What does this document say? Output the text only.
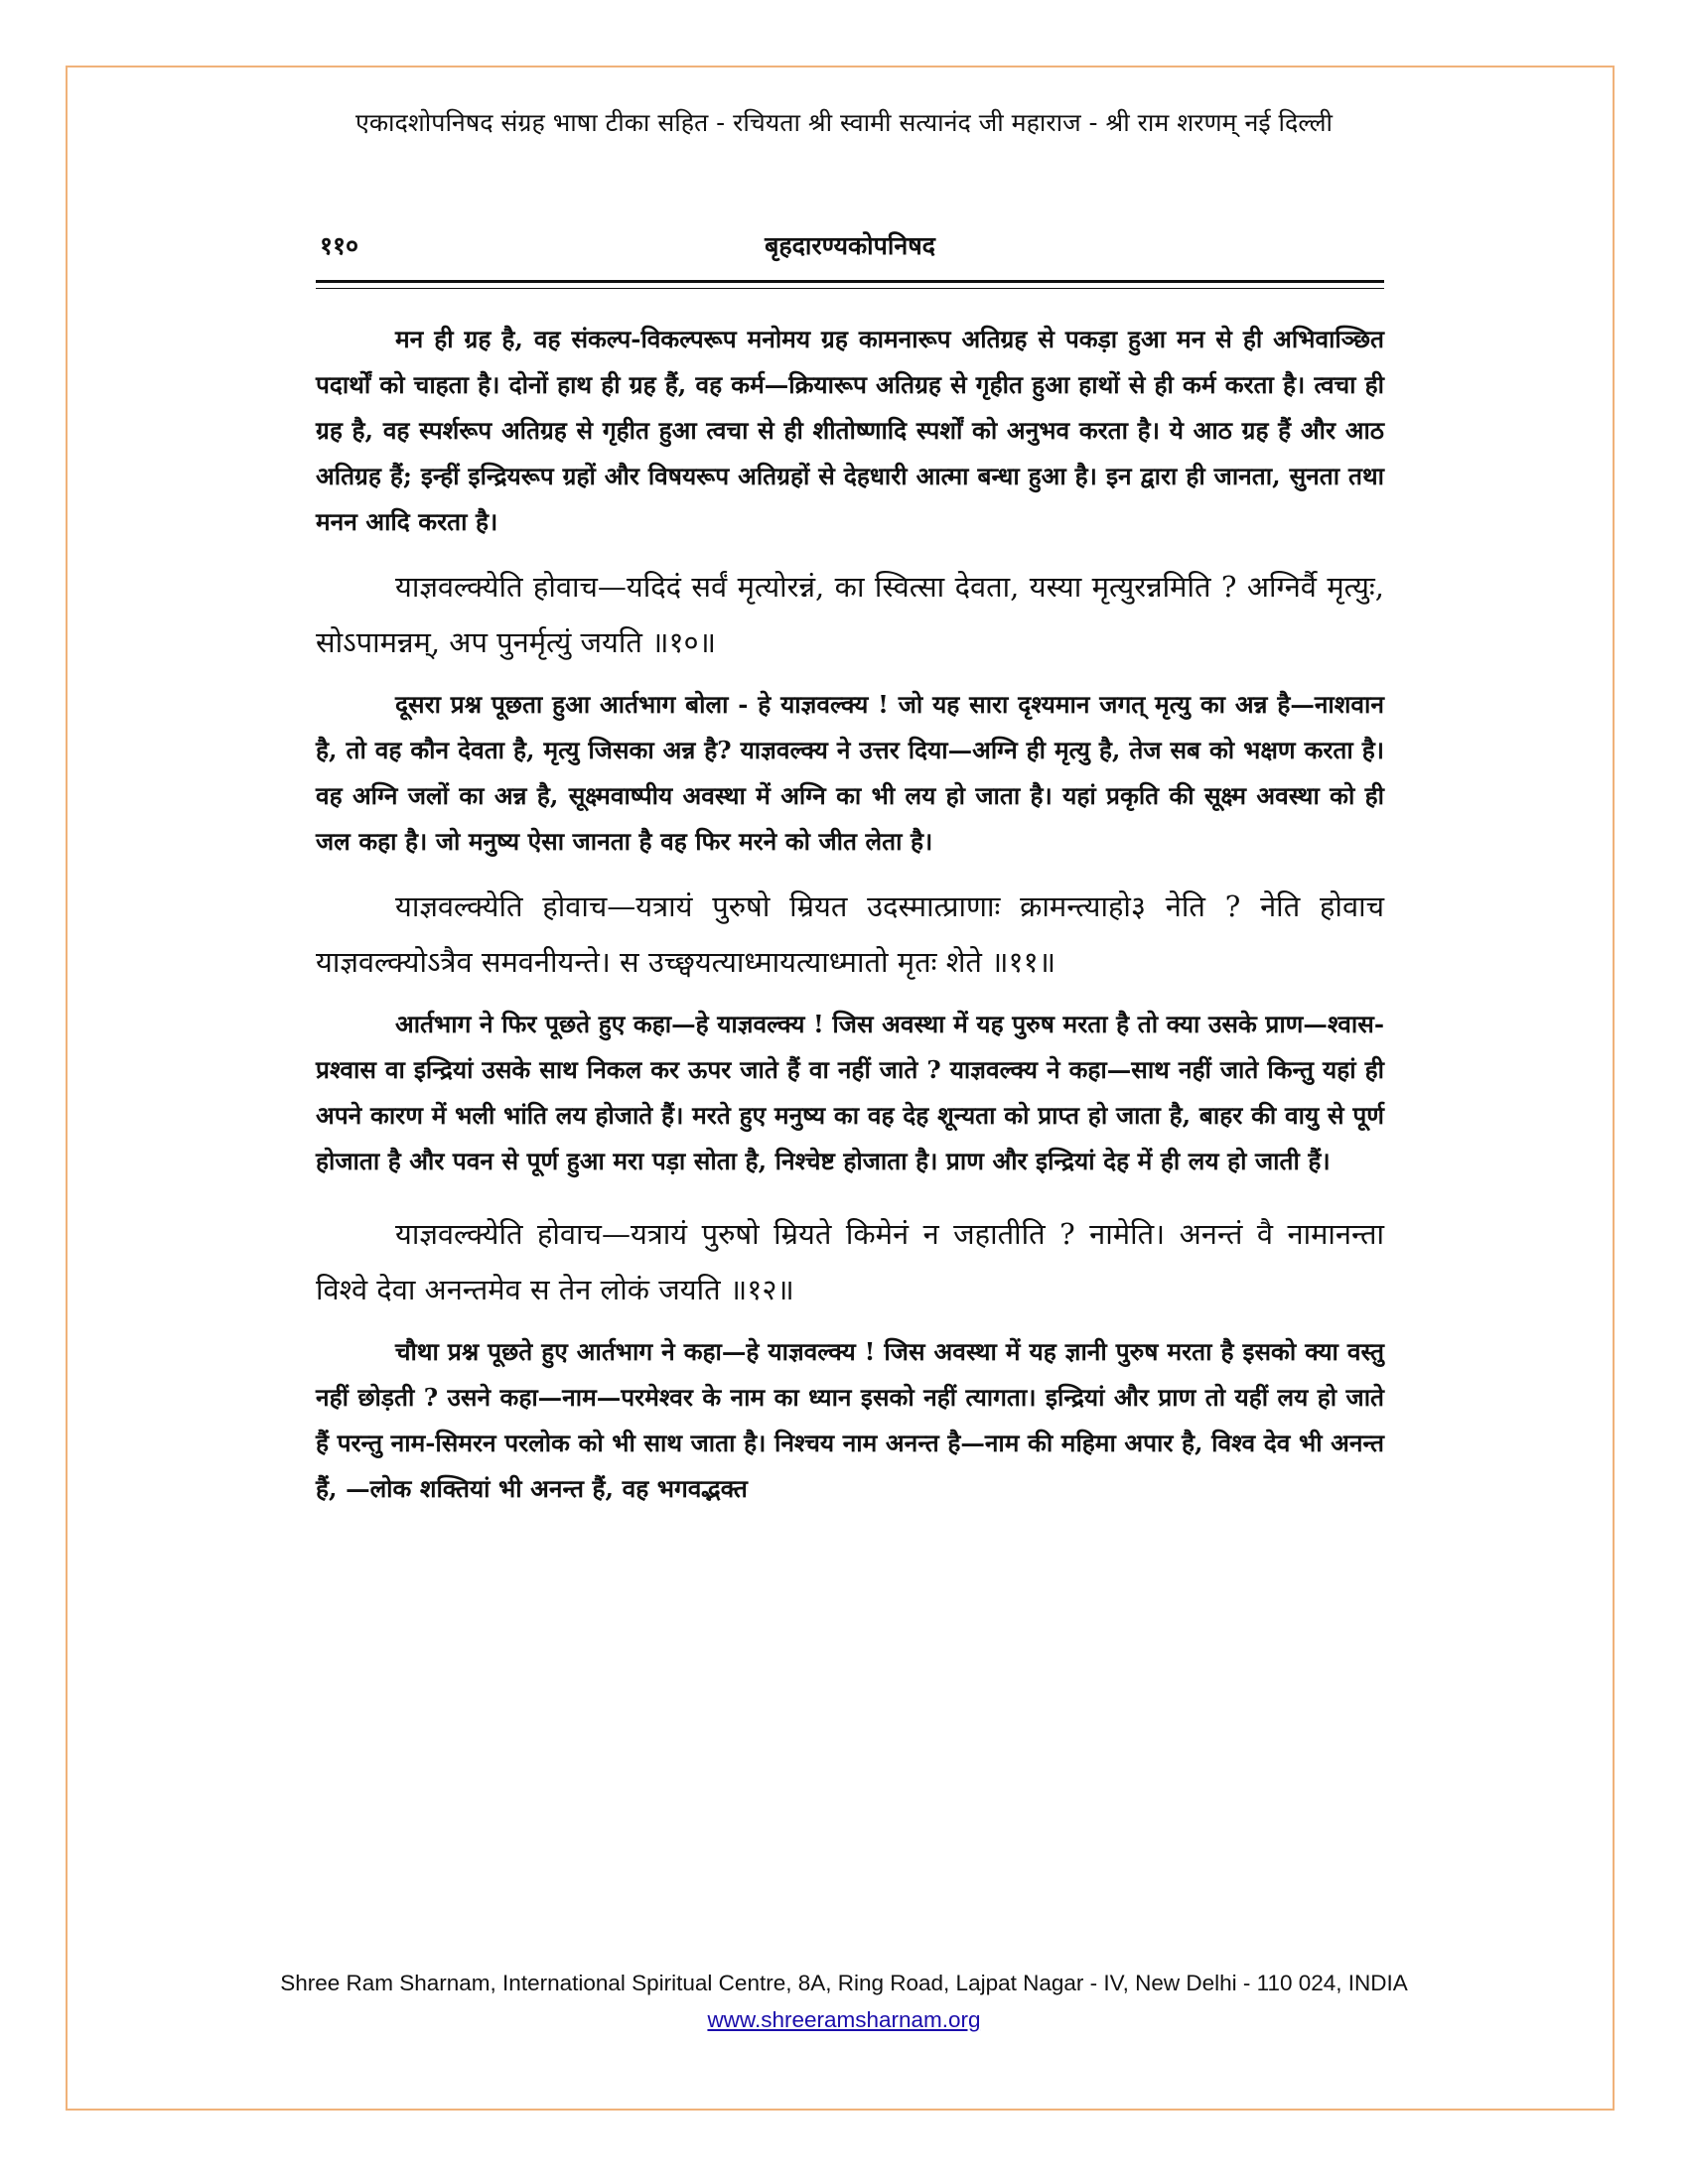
एकादशोपनिषद संग्रह भाषा टीका सहित - रचियता श्री स्वामी सत्यानंद जी महाराज - श्री राम शरणम् नई दिल्ली
११०	बृहदारण्यकोपनिषद

मन ही ग्रह है, वह संकल्प-विकल्परूप मनोमय ग्रह कामनारूप अतिग्रह से पकड़ा हुआ मन से ही अभिवाञ्छित पदार्थों को चाहता है। दोनों हाथ ही ग्रह हैं, वह कर्म—क्रियारूप अतिग्रह से गृहीत हुआ हाथों से ही कर्म करता है। त्वचा ही ग्रह है, वह स्पर्शरूप अतिग्रह से गृहीत हुआ त्वचा से ही शीतोष्णादि स्पर्शों को अनुभव करता है। ये आठ ग्रह हैं और आठ अतिग्रह हैं; इन्हीं इन्द्रियरूप ग्रहों और विषयरूप अतिग्रहों से देहधारी आत्मा बन्धा हुआ है। इन द्वारा ही जानता, सुनता तथा मनन आदि करता है।

याज्ञवल्क्येति होवाच—यदिदं सर्वं मृत्योरन्नं, का स्वित्सा देवता, यस्या मृत्युरन्नमिति ? अग्निर्वै मृत्युः, सोऽपामन्नम्, अप पुनर्मृत्युं जयति ॥१०॥

दूसरा प्रश्न पूछता हुआ आर्तभाग बोला - हे याज्ञवल्क्य ! जो यह सारा दृश्यमान जगत् मृत्यु का अन्न है—नाशवान है, तो वह कौन देवता है, मृत्यु जिसका अन्न है? याज्ञवल्क्य ने उत्तर दिया—अग्नि ही मृत्यु है, तेज सब को भक्षण करता है। वह अग्नि जलों का अन्न है, सूक्ष्मवाष्पीय अवस्था में अग्नि का भी लय हो जाता है। यहां प्रकृति की सूक्ष्म अवस्था को ही जल कहा है। जो मनुष्य ऐसा जानता है वह फिर मरने को जीत लेता है।

याज्ञवल्क्येति होवाच—यत्रायं पुरुषो म्रियत उदस्मात्प्राणाः क्रामन्त्याहो३ नेति ? नेति होवाच याज्ञवल्क्योऽत्रैव समवनीयन्ते। स उच्छ्वयत्याध्मायत्याध्मातो मृतः शेते ॥११॥

आर्तभाग ने फिर पूछते हुए कहा—हे याज्ञवल्क्य ! जिस अवस्था में यह पुरुष मरता है तो क्या उसके प्राण—श्वास-प्रश्वास वा इन्द्रियां उसके साथ निकल कर ऊपर जाते हैं वा नहीं जाते ? याज्ञवल्क्य ने कहा—साथ नहीं जाते किन्तु यहां ही अपने कारण में भली भांति लय होजाते हैं। मरते हुए मनुष्य का वह देह शून्यता को प्राप्त हो जाता है, बाहर की वायु से पूर्ण होजाता है और पवन से पूर्ण हुआ मरा पड़ा सोता है, निश्चेष्ट होजाता है। प्राण और इन्द्रियां देह में ही लय हो जाती हैं।

याज्ञवल्क्येति होवाच—यत्रायं पुरुषो म्रियते किमेनं न जहातीति ? नामेति। अनन्तं वै नामानन्ता विश्वे देवा अनन्तमेव स तेन लोकं जयति ॥१२॥

चौथा प्रश्न पूछते हुए आर्तभाग ने कहा—हे याज्ञवल्क्य ! जिस अवस्था में यह ज्ञानी पुरुष मरता है इसको क्या वस्तु नहीं छोड़ती ? उसने कहा—नाम—परमेश्वर के नाम का ध्यान इसको नहीं त्यागता। इन्द्रियां और प्राण तो यहीं लय हो जाते हैं परन्तु नाम-सिमरन परलोक को भी साथ जाता है। निश्चय नाम अनन्त है—नाम की महिमा अपार है, विश्व देव भी अनन्त हैं, —लोक शक्तियां भी अनन्त हैं, वह भगवद्भक्त

Shree Ram Sharnam, International Spiritual Centre, 8A, Ring Road, Lajpat Nagar - IV, New Delhi - 110 024, INDIA
www.shreeramsharnam.org
